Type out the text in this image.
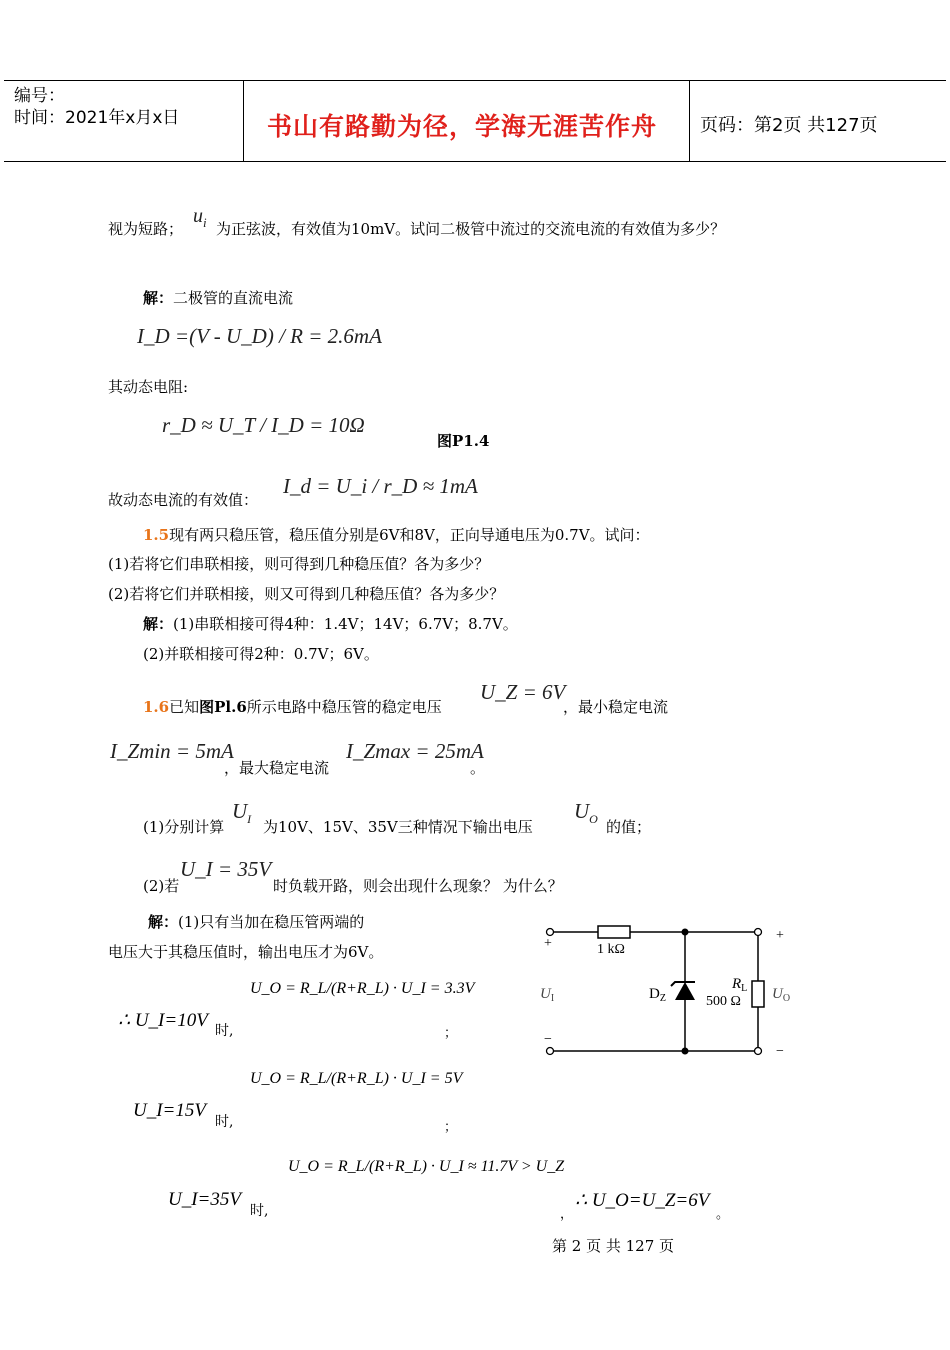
编号：
时间：2021年x月x日	书山有路勤为径，学海无涯苦作舟 页码：第2页 共127页
视为短路；
$u_i$ 为正弦波，有效值为10mV。试问二极管中流过的交流电流的有效值为多少？
解：二极管的直流电流
I_D =(V - U_D) / R = 2.6mA
其动态电阻:
r_D ≈ U_T / I_D = 10Ω
图P1.4
故动态电流的有效值：
I_d = U_i / r_D ≈ 1mA
1.5现有两只稳压管，稳压值分别是6V和8V，正向导通电压为0.7V。试问：
(1)若将它们串联相接，则可得到几种稳压值？各为多少？
(2)若将它们并联相接，则又可得到几种稳压值？各为多少？
解：(1)串联相接可得4种：1.4V；14V；6.7V；8.7V。
(2)并联相接可得2种：0.7V；6V。
1.6已知图Pl.6所示电路中稳压管的稳定电压
U_Z = 6V
，最小稳定电流
I_Zmin = 5mA
，最大稳定电流
I_Zmax = 25mA
。
(1)分别计算
$U_I$ 为10V、15V、35V三种情况下输出电压
$U_O$ 的值；
(2)若
U_I = 35V
时负载开路，则会出现什么现象？ 为什么？
解：(1)只有当加在稳压管两端的
电压大于其稳压值时，输出电压才为6V。
∴ U_I=10V 时,
U_O = R_L/(R+R_L) · U_I = 3.3V
；
U_I=15V
时,
U_O = R_L/(R+R_L) · U_I = 5V
；
U_I=35V
时,
U_O = R_L/(R+R_L) · U_I ≈ 11.7V > U_Z
，
∴ U_O=U_Z=6V
。
第 2 页 共 127 页
+
−
+
−
1 kΩ
$D_Z$
$R_L$
500 Ω
$U_I$	$U_O$
